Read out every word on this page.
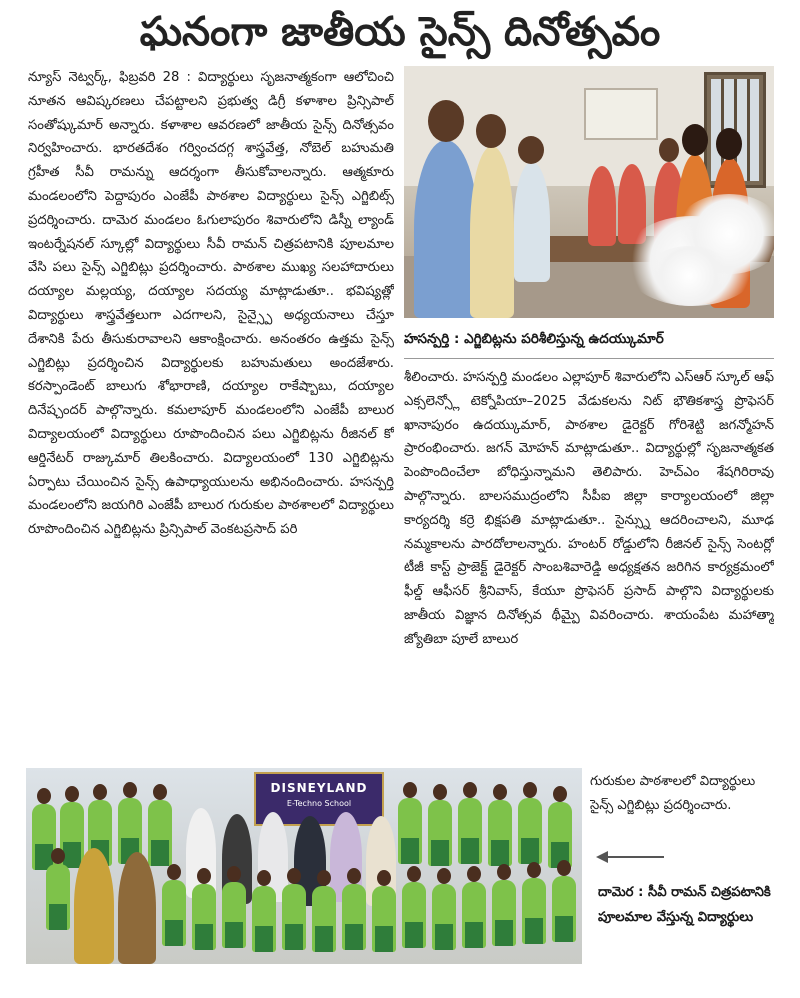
ఘనంగా జాతీయ సైన్స్ దినోత్సవం

న్యూస్ నెట్వర్క్, ఫిబ్రవరి 28 : విద్యార్థులు సృజనాత్మకంగా ఆలోచించి నూతన ఆవిష్కరణలు చేపట్టాలని ప్రభుత్వ డిగ్రీ కళాశాల ప్రిన్సిపాల్ సంతోష్కుమార్ అన్నారు. కళాశాల ఆవరణలో జాతీయ సైన్స్ దినోత్సవం నిర్వహించారు. భారతదేశం గర్వించదగ్గ శాస్త్రవేత్త, నోబెల్ బహుమతి గ్రహీత సీవీ రామన్ను ఆదర్శంగా తీసుకోవాలన్నారు. ఆత్మకూరు మండలంలోని పెద్దాపురం ఎంజేపీ పాఠశాల విద్యార్థులు సైన్స్ ఎగ్జిబిట్స్ ప్రదర్శించారు. దామెర మండలం ఓగులాపురం శివారులోని డిస్నీ ల్యాండ్ ఇంటర్నేషనల్ స్కూల్లో విద్యార్థులు సీవీ రామన్ చిత్రపటానికి పూలమాల వేసి పలు సైన్స్ ఎగ్జిబిట్లు ప్రదర్శించారు. పాఠశాల ముఖ్య సలహాదారులు దయ్యాల మల్లయ్య, దయ్యాల సదయ్య మాట్లాడుతూ.. భవిష్యత్లో విద్యార్థులు శాస్త్రవేత్తలుగా ఎదగాలని, సైన్స్పై అధ్యయనాలు చేస్తూ దేశానికి పేరు తీసుకురావాలని ఆకాంక్షించారు. అనంతరం ఉత్తమ సైన్స్ ఎగ్జిబిట్లు ప్రదర్శించిన విద్యార్థులకు బహుమతులు అందజేశారు. కరస్పాండెంట్ బాలుగు శోభారాణి, దయ్యాల రాకేష్బాబు, దయ్యాల దినేష్చందర్ పాల్గొన్నారు. కమలాపూర్ మండలంలోని ఎంజేపీ బాలుర విద్యాలయంలో విద్యార్థులు రూపొందించిన పలు ఎగ్జిబిట్లను రీజినల్ కో ఆర్డినేటర్ రాజ్కుమార్ తిలకించారు. విద్యాలయంలో 130 ఎగ్జిబిట్లను ఏర్పాటు చేయించిన సైన్స్ ఉపాధ్యాయులను అభినందించారు. హసన్పర్తి మండలంలోని జయగిరి ఎంజేపీ బాలుర గురుకుల పాఠశాలలో విద్యార్థులు రూపొందించిన ఎగ్జిబిట్లను ప్రిన్సిపాల్ వెంకటప్రసాద్ పరి

హసన్పర్తి : ఎగ్జిబిట్లను పరిశీలిస్తున్న ఉదయ్కుమార్

శీలించారు. హసన్పర్తి మండలం ఎల్లాపూర్ శివారులోని ఎస్ఆర్ స్కూల్ ఆఫ్ ఎక్సలెన్స్లో టెక్నోపియా–2025 వేడుకలను నిట్ భౌతికశాస్త్ర ప్రొఫెసర్ ఖానాపురం ఉదయ్కుమార్, పాఠశాల డైరెక్టర్ గోరిశెట్టి జగన్మోహన్ ప్రారంభించారు. జగన్ మోహన్ మాట్లాడుతూ.. విద్యార్థుల్లో సృజనాత్మకత పెంపొందించేలా బోధిస్తున్నామని తెలిపారు. హెచ్ఎం శేషగిరిరావు పాల్గొన్నారు. బాలసముద్రంలోని సీపీఐ జిల్లా కార్యాలయంలో జిల్లా కార్యదర్శి కర్రె భిక్షపతి మాట్లాడుతూ.. సైన్స్ను ఆదరించాలని, మూఢ నమ్మకాలను పారదోలాలన్నారు. హంటర్ రోడ్డులోని రీజినల్ సైన్స్ సెంటర్లో టీజీ కాస్ట్ ప్రాజెక్ట్ డైరెక్టర్ సాంబశివారెడ్డి అధ్యక్షతన జరిగిన కార్యక్రమంలో ఫీల్డ్ ఆఫీసర్ శ్రీనివాస్, కేయూ ప్రొఫెసర్ ప్రసాద్ పాల్గొని విద్యార్థులకు జాతీయ విజ్ఞాన దినోత్సవ థీమ్పై వివరించారు. శాయంపేట మహాత్మా జ్యోతిబా పూలే బాలుర

గురుకుల పాఠశాలలో విద్యార్థులు సైన్స్ ఎగ్జిబిట్లు ప్రదర్శించారు.

DISNEYLAND
E-Techno School
దామెర : సీవీ రామన్ చిత్రపటానికి పూలమాల వేస్తున్న విద్యార్థులు
